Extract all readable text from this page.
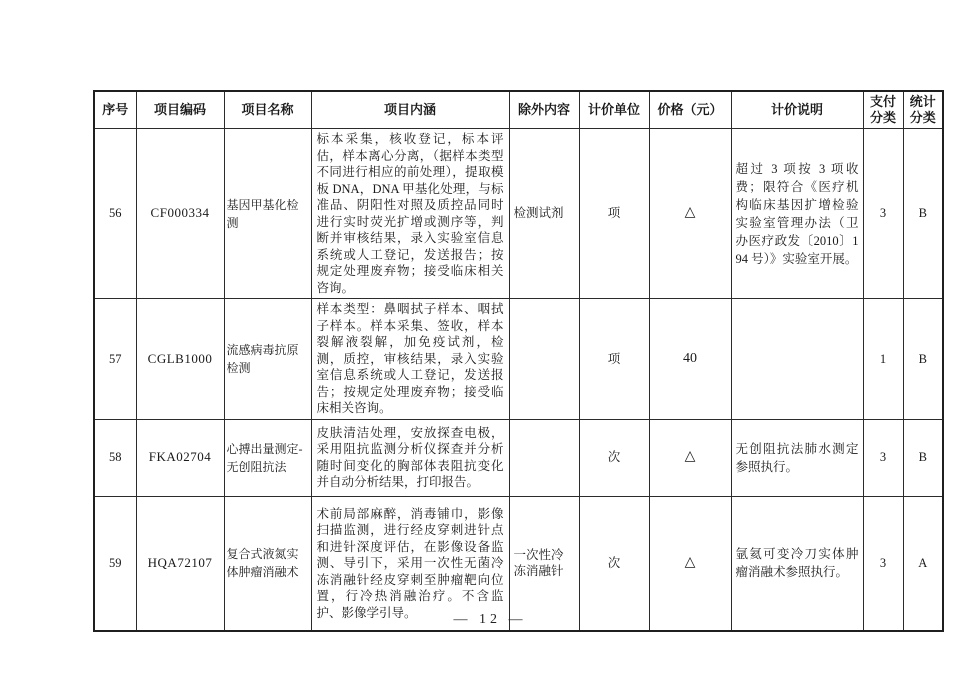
序号	项目编码	项目名称	项目内涵	除外内容	计价单位	价格（元）	计价说明	支付分类	统计分类
56	CF000334	基因甲基化检测	标本采集，核收登记，标本评估，样本离心分离，（据样本类型不同进行相应的前处理），提取模板 DNA，DNA 甲基化处理，与标准品、阴阳性对照及质控品同时进行实时荧光扩增或测序等，判断并审核结果，录入实验室信息系统或人工登记，发送报告；按规定处理废弃物；接受临床相关咨询。	检测试剂	项	△	超过 3 项按 3 项收费；限符合《医疗机构临床基因扩增检验实验室管理办法（卫办医疗政发〔2010〕194 号）》实验室开展。	3	B
57	CGLB1000	流感病毒抗原检测	样本类型：鼻咽拭子样本、咽拭子样本。样本采集、签收，样本裂解液裂解，加免疫试剂，检测，质控，审核结果，录入实验室信息系统或人工登记，发送报告；按规定处理废弃物；接受临床相关咨询。		项	40		1	B
58	FKA02704	心搏出量测定-无创阻抗法	皮肤清洁处理，安放探查电极，采用阻抗监测分析仪探查并分析随时间变化的胸部体表阻抗变化并自动分析结果，打印报告。		次	△	无创阻抗法肺水测定参照执行。	3	B
59	HQA72107	复合式液氮实体肿瘤消融术	术前局部麻醉，消毒铺巾，影像扫描监测，进行经皮穿刺进针点和进针深度评估，在影像设备监测、导引下，采用一次性无菌冷冻消融针经皮穿刺至肿瘤靶向位置，行冷热消融治疗。不含监护、影像学引导。	一次性冷冻消融针	次	△	氩氦可变冷刀实体肿瘤消融术参照执行。	3	A
— 12 —
